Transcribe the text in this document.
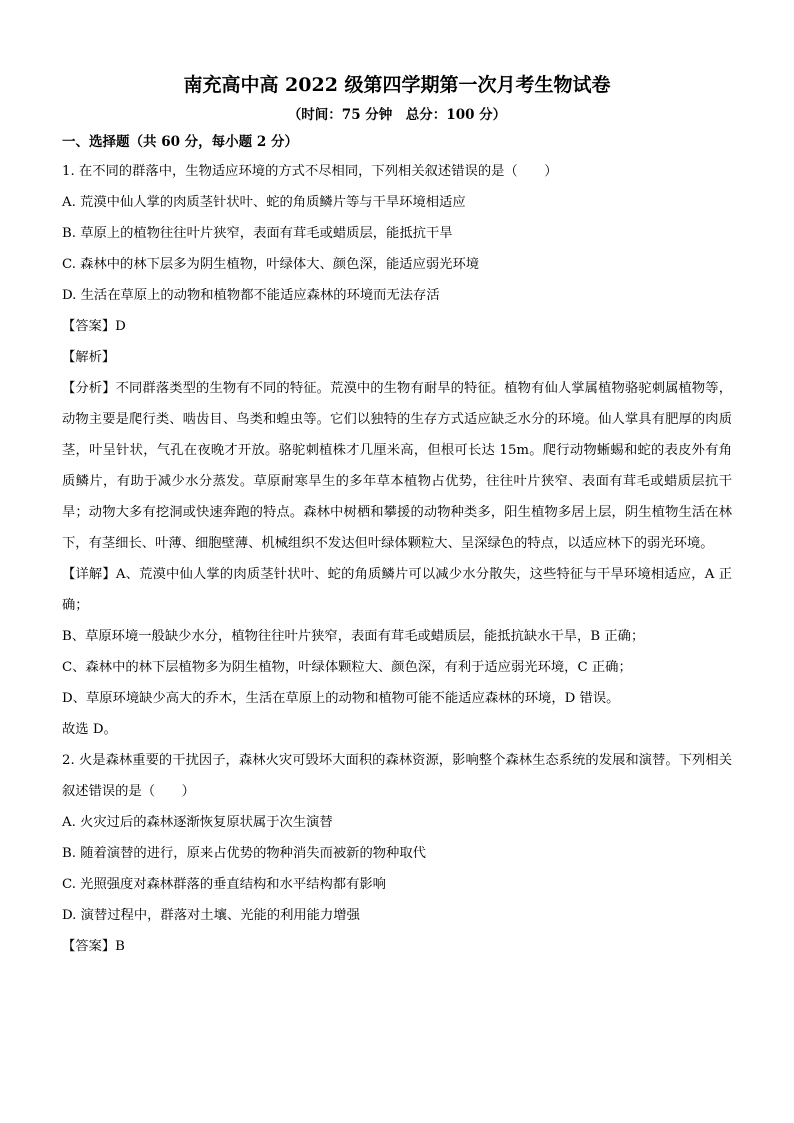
南充高中高 2022 级第四学期第一次月考生物试卷
（时间：75 分钟　总分：100 分）
一、选择题（共 60 分，每小题 2 分）

1. 在不同的群落中，生物适应环境的方式不尽相同，下列相关叙述错误的是（　　）

A. 荒漠中仙人掌的肉质茎针状叶、蛇的角质鳞片等与干旱环境相适应

B. 草原上的植物往往叶片狭窄，表面有茸毛或蜡质层，能抵抗干旱

C. 森林中的林下层多为阴生植物，叶绿体大、颜色深，能适应弱光环境

D. 生活在草原上的动物和植物都不能适应森林的环境而无法存活

【答案】D

【解析】

【分析】不同群落类型的生物有不同的特征。荒漠中的生物有耐旱的特征。植物有仙人掌属植物骆驼刺属植物等，动物主要是爬行类、啮齿目、鸟类和蝗虫等。它们以独特的生存方式适应缺乏水分的环境。仙人掌具有肥厚的肉质茎，叶呈针状，气孔在夜晚才开放。骆驼刺植株才几厘米高，但根可长达 15m。爬行动物蜥蜴和蛇的表皮外有角质鳞片，有助于减少水分蒸发。草原耐寒旱生的多年草本植物占优势，往往叶片狭窄、表面有茸毛或蜡质层抗干旱；动物大多有挖洞或快速奔跑的特点。森林中树栖和攀援的动物种类多，阳生植物多居上层，阴生植物生活在林下，有茎细长、叶薄、细胞壁薄、机械组织不发达但叶绿体颗粒大、呈深绿色的特点，以适应林下的弱光环境。

【详解】A、荒漠中仙人掌的肉质茎针状叶、蛇的角质鳞片可以减少水分散失，这些特征与干旱环境相适应，A 正确；

B、草原环境一般缺少水分，植物往往叶片狭窄，表面有茸毛或蜡质层，能抵抗缺水干旱，B 正确；

C、森林中的林下层植物多为阴生植物，叶绿体颗粒大、颜色深，有利于适应弱光环境，C 正确；

D、草原环境缺少高大的乔木，生活在草原上的动物和植物可能不能适应森林的环境，D 错误。

故选 D。

2. 火是森林重要的干扰因子，森林火灾可毁坏大面积的森林资源，影响整个森林生态系统的发展和演替。下列相关叙述错误的是（　　）

A. 火灾过后的森林逐渐恢复原状属于次生演替

B. 随着演替的进行，原来占优势的物种消失而被新的物种取代

C. 光照强度对森林群落的垂直结构和水平结构都有影响

D. 演替过程中，群落对土壤、光能的利用能力增强

【答案】B
